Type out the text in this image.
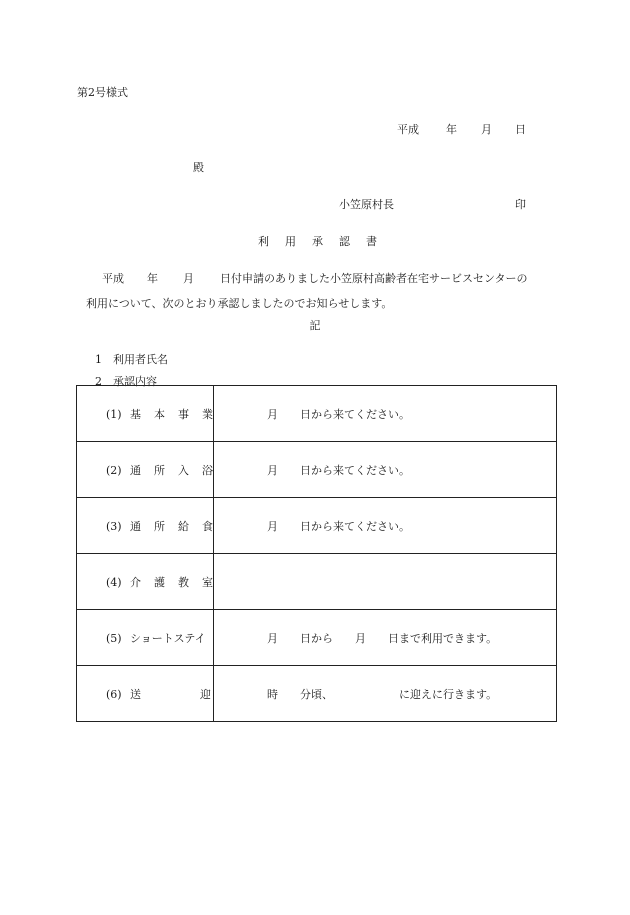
第2号様式
平成 年 月 日
殿
小笠原村長	印
利 用 承 認 書
平成 年 月 日付申請のありました小笠原村高齢者在宅サービスセンターの
利用について、次のとおり承認しましたのでお知らせします。
記

1 利用者氏名

2 承認内容

(1) 基 本 事 業	月 日から来てください。

(2) 通 所 入 浴	月 日から来てください。

(3) 通 所 給 食	月 日から来てください。

(4) 介 護 教 室

(5) ショートステイ	月 日から 月 日まで利用できます。

(6) 送 迎	時 分頃、 に迎えに行きます。
